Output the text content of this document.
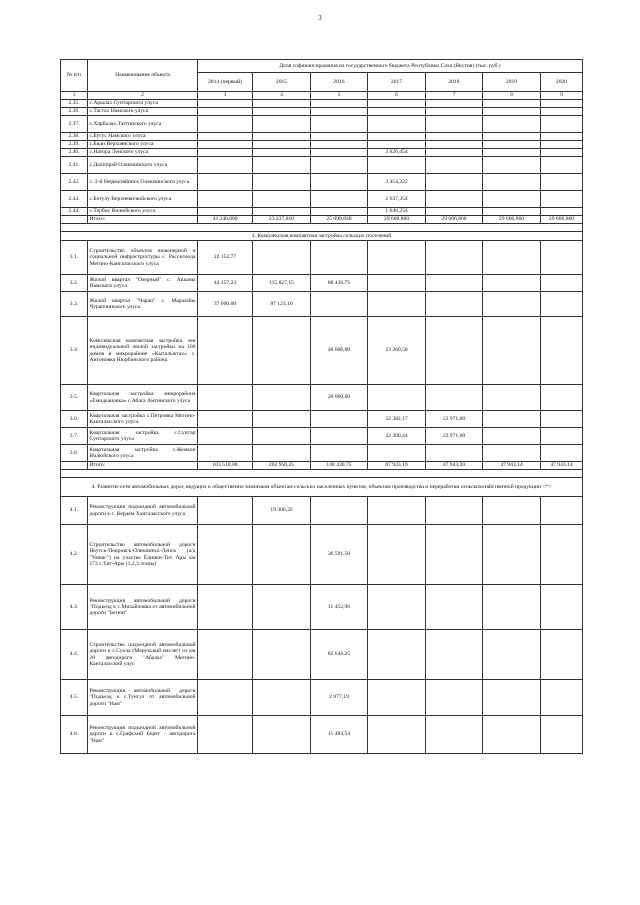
3
№ п/п	Наименование объекта	Доля софинансирования из государственного бюджета Республики Саха (Якутия) (тыс. руб.)						
		2014 (первый)	2015	2016	2017	2018	2019	2020
1	2	3	4	5	6	7	8	9
2.35.	с.Арылах Сунтарского улуса							
2.36.	с.Тастах Намского улуса							
2.37.	с.Харбалах Таттинского улуса							
2.38.	с.Бугус Намского улуса							
2.39.	с.Бяди Верхоянского улуса							
2.40.	с.Натора Ленского улуса				3 626,454			
2.41.	с.Дапппрай Олекминского улуса							
2.42.	с. 2-й Нерюктяйинск Олекминского улуса				3 454,222			
2.43.	с.Ботулу Верхневилюйского улуса				2 637,354			
2.44.	с.Тербис Вилюйского улуса				1 648,254			
	Итого:	43 240,000	23 237,810	25 098,840	29 606,860	29 606,860	29 606,860	29 606,860

3. Комплексная компактная застройка сельских поселений								
3.1.	Строительство объектов инженерной и социальной инфраструктуры с. Расселоода Мегино-Кангаласского улуса	22 152,77						
3.2.	Жилой квартал "Озерный" с. Ашыны Намского улуса	44 357,23	115 827,15	88 430,75				
3.3.	Жилой квартал "Чараи" с. Маразайы Чурапчинского улуса	37 000,00	87 123,10					
3.4.	Комплексная компактная застройка зон индивидуальной жилой застройки на 100 домов в микрорайоне «Кыталыктах» с. Антоновка Нюрбинского района			40 000,00	23 260,58			
3.5.	Квартальная застройка микрорайона «Емидьановка» с.Абага Амгинского улуса			20 000,00				
3.6.	Квартальная застройка с.Петровка Мегино-Кангаласского улуса				32 382,17	23 971,60		
3.7.	Квартальная застройка с.Сунтар Сунтарского улуса				32 300,44	23 971,60		
3.8.	Квартальная застройка с.Жемкон Вилюйского улуса							
	Итого:	103 510,00	202 950,25	148 430,75	87 943,19	47 943,20	47 943,14	47 943,14

4. Развитие сети автомобильных дорог, ведущих к общественно значимым объектам сельских населенных пунктов, объектам производства и переработки сельскохозяйственной продукции <*>								
4.1.	Реконструкция подъездной автомобильной дороги к с. Кердем Хангаласского улуса		19 306,32					
4.2.	Строительство автомобильной дороги Якутск-Покровск-Олекминск-Ленск (а/д "Умнас") на участке Ёлинки-Тит Ары км 172 с.Тит-Ары (1,2,3 этапы)			36 591,50				
4.3.	Реконструкция автомобильной дороги "Подъезд к с.Михайловка от автомобильной дороги "Бетюн"			11 452,96				
4.4.	Строительство подъездной автомобильной дороги к с.Суола (Морукский наслег) от км 28 автодороги "Абалах" Мегино-Кангаласский улус			82 646,25				
4.5.	Реконструкция автомобильной дороги "Подъезд к с.Тунгул от автомобильной дороги "Нам"			2 077,19				
4.6.	Реконструкция подъездной автомобильной дороги к с.Графский Берег - автодорога "Нам"			11 484,54				
